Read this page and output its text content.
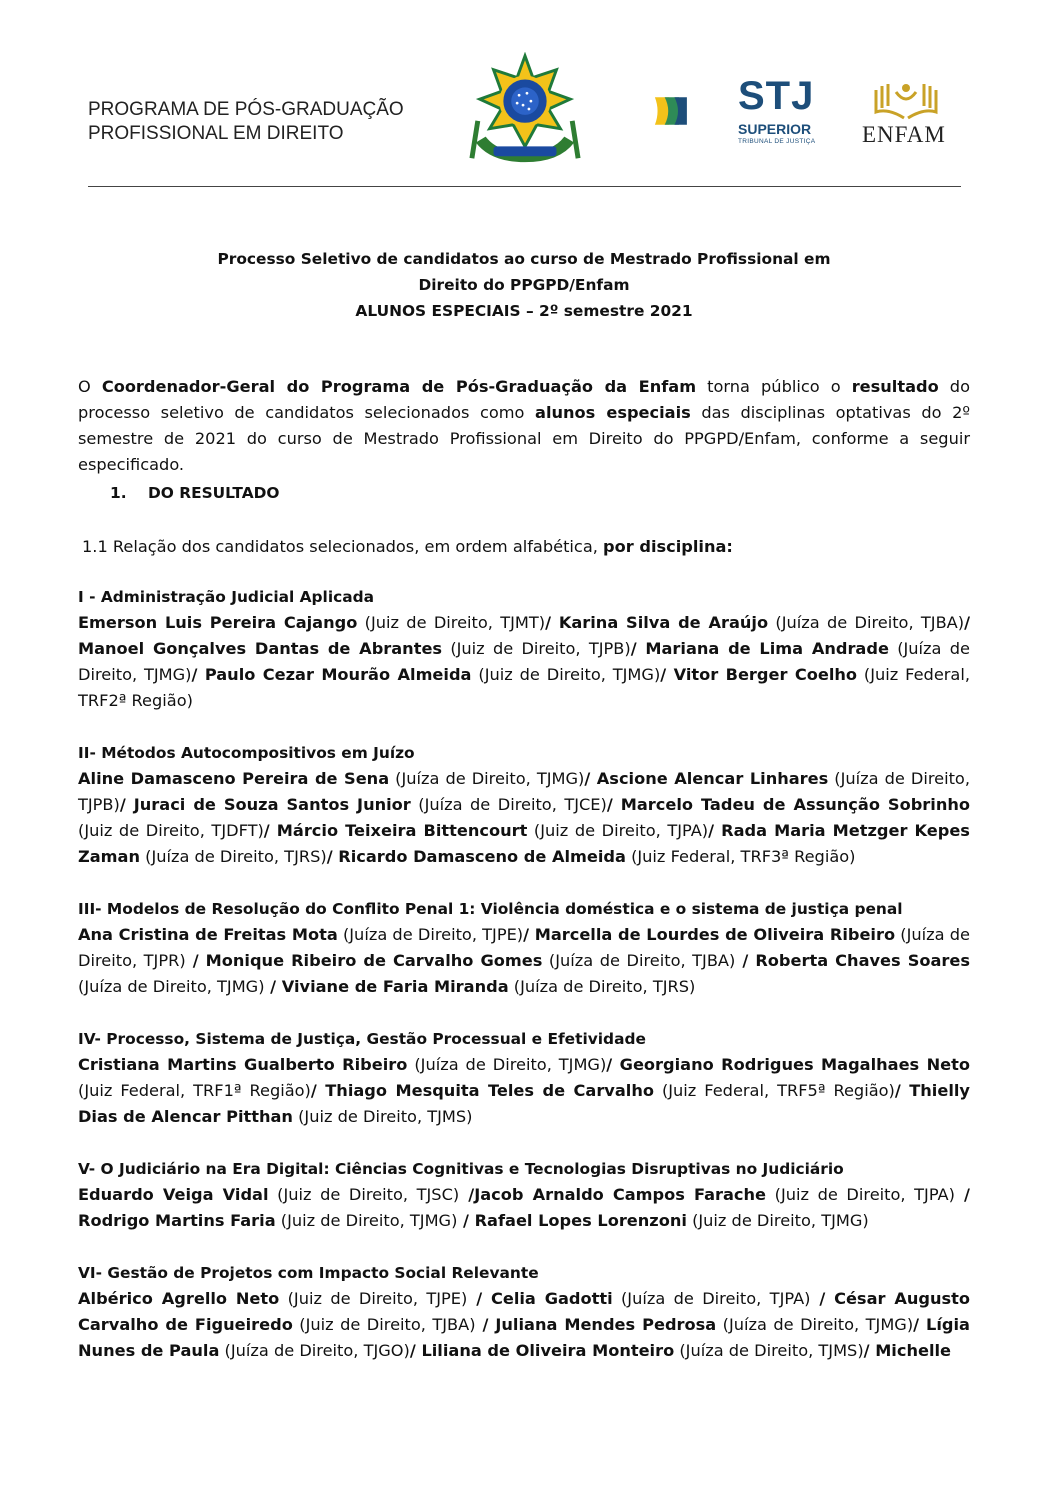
PROGRAMA DE PÓS-GRADUAÇÃO
PROFISSIONAL EM DIREITO
STJ
SUPERIOR
TRIBUNAL DE JUSTIÇA ENFAM
Processo Seletivo de candidatos ao curso de Mestrado Profissional em
Direito do PPGPD/Enfam
ALUNOS ESPECIAIS – 2º semestre 2021
O Coordenador-Geral do Programa de Pós-Graduação da Enfam torna público o resultado do processo seletivo de candidatos selecionados como alunos especiais das disciplinas optativas do 2º semestre de 2021 do curso de Mestrado Profissional em Direito do PPGPD/Enfam, conforme a seguir especificado.
1. DO RESULTADO
1.1 Relação dos candidatos selecionados, em ordem alfabética, por disciplina:
I - Administração Judicial Aplicada
Emerson Luis Pereira Cajango (Juiz de Direito, TJMT)/ Karina Silva de Araújo (Juíza de Direito, TJBA)/ Manoel Gonçalves Dantas de Abrantes (Juiz de Direito, TJPB)/ Mariana de Lima Andrade (Juíza de Direito, TJMG)/ Paulo Cezar Mourão Almeida (Juiz de Direito, TJMG)/ Vitor Berger Coelho (Juiz Federal, TRF2ª Região)
II- Métodos Autocompositivos em Juízo
Aline Damasceno Pereira de Sena (Juíza de Direito, TJMG)/ Ascione Alencar Linhares (Juíza de Direito, TJPB)/ Juraci de Souza Santos Junior (Juíza de Direito, TJCE)/ Marcelo Tadeu de Assunção Sobrinho (Juiz de Direito, TJDFT)/ Márcio Teixeira Bittencourt (Juiz de Direito, TJPA)/ Rada Maria Metzger Kepes Zaman (Juíza de Direito, TJRS)/ Ricardo Damasceno de Almeida (Juiz Federal, TRF3ª Região)
III- Modelos de Resolução do Conflito Penal 1: Violência doméstica e o sistema de justiça penal
Ana Cristina de Freitas Mota (Juíza de Direito, TJPE)/ Marcella de Lourdes de Oliveira Ribeiro (Juíza de Direito, TJPR) / Monique Ribeiro de Carvalho Gomes (Juíza de Direito, TJBA) / Roberta Chaves Soares (Juíza de Direito, TJMG) / Viviane de Faria Miranda (Juíza de Direito, TJRS)
IV- Processo, Sistema de Justiça, Gestão Processual e Efetividade
Cristiana Martins Gualberto Ribeiro (Juíza de Direito, TJMG)/ Georgiano Rodrigues Magalhaes Neto (Juiz Federal, TRF1ª Região)/ Thiago Mesquita Teles de Carvalho (Juiz Federal, TRF5ª Região)/ Thielly Dias de Alencar Pitthan (Juiz de Direito, TJMS)
V- O Judiciário na Era Digital: Ciências Cognitivas e Tecnologias Disruptivas no Judiciário
Eduardo Veiga Vidal (Juiz de Direito, TJSC) /Jacob Arnaldo Campos Farache (Juiz de Direito, TJPA) / Rodrigo Martins Faria (Juiz de Direito, TJMG) / Rafael Lopes Lorenzoni (Juiz de Direito, TJMG)
VI- Gestão de Projetos com Impacto Social Relevante
Albérico Agrello Neto (Juiz de Direito, TJPE) / Celia Gadotti (Juíza de Direito, TJPA) / César Augusto Carvalho de Figueiredo (Juiz de Direito, TJBA) / Juliana Mendes Pedrosa (Juíza de Direito, TJMG)/ Lígia Nunes de Paula (Juíza de Direito, TJGO)/ Liliana de Oliveira Monteiro (Juíza de Direito, TJMS)/ Michelle
